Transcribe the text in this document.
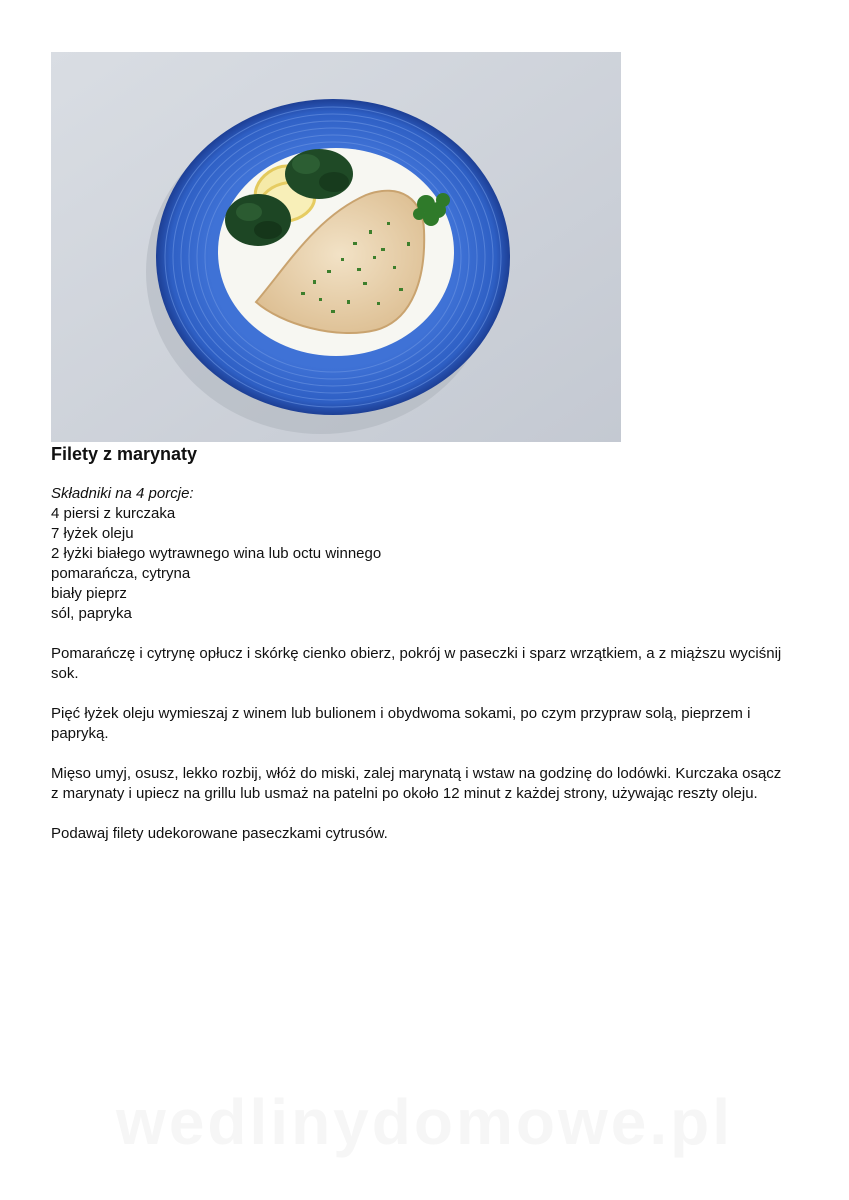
Filety z marynaty

Składniki na 4 porcje:

4 piersi z kurczaka
7 łyżek oleju
2 łyżki białego wytrawnego wina lub octu winnego
pomarańcza, cytryna
biały pieprz
sól, papryka

Pomarańczę i cytrynę opłucz i skórkę cienko obierz, pokrój w paseczki i sparz wrzątkiem, a z miąższu wyciśnij sok.

Pięć łyżek oleju wymieszaj z winem lub bulionem i obydwoma sokami, po czym przypraw solą, pieprzem i papryką.

Mięso umyj, osusz, lekko rozbij, włóż do miski, zalej marynatą i wstaw na godzinę do lodówki. Kurczaka osącz z marynaty i upiecz na grillu lub usmaż na patelni po około 12 minut z każdej strony, używając reszty oleju.

Podawaj filety udekorowane paseczkami cytrusów.

wedlinydomowe.pl
